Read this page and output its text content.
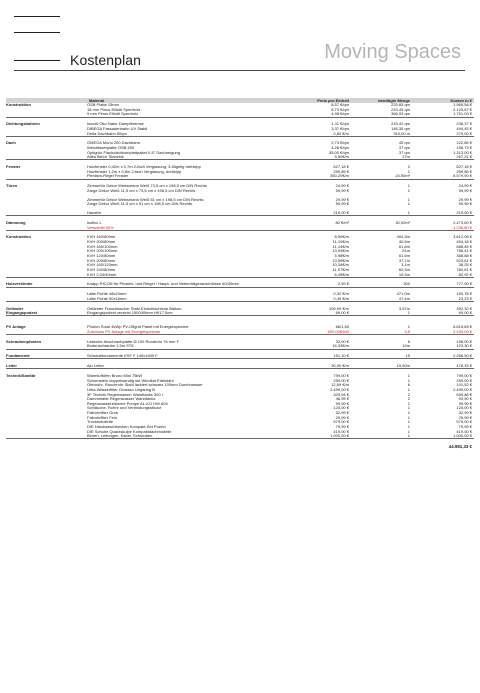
Kostenplan	Moving Spaces
Material	Preis pro Einheit	benötigte Menge	Kosten in €
Konstruktion	OSB Platte 15mm	8,57 €/qm	225,65 qm	1.969,56 €
18 mm Pinus Elliotti Sperrholz	8,73 €/qm	243,45 qm	2.125,67 €
9 mm Pinus Elliotti Sperrholz	4,98 €/qm	366,93 qm	1.751,03 €
Dichtungsbahnen	Isocell Öko Natur Dampfbremse	1,11 €/qm	215,42 qm	238,37 €
DIBEGA Fassadenbahn UV Stabil	3,37 €/qm	146,35 qm	494,45 €
Delta Dachbahn 50qm	0,80 €/m	310,00 m	279,00 €
Dach	OMEGA Mono 200 Dachbahn	2,73 €/qm	45 qm	122,85 €
Weichfaserplatte OSB 450	4,28 €/qm	37 qm	158,73 €
Optigrün Flachdachkomplettpaket 0-5° Dachneigung	35,00 €/qm	37 qm	1.313,00 €
Atika Blech Titanzink	9,50€/m	27m	267,21 €
Fenster	Holzfenster 0,42m x 0,7m 2-fach Verglasung, 3-flügelig drehkipp	627,18 €	2	627,18 €
Holzfenster 1,2m x 0,8m 2-fach Verglasung, drehkipp	259,85 €	1	259,85 €
Plexiism-Regel Fenster	350,20€/m	24,50m²	8.579,90 €
Türen	Zimmertür Dekor Weissmann Weiß 73,5 cm x 198,5 cm DIN Rechts	24,99 €	1	24,99 €
Zarge Dekor Weiß 11,5 cm x 73,5 cm x 198,5 cm DIN Rechts	59,99 €	1	59,99 €
Zimmertür Dekor Weissmann Weiß 51 cm x 198,5 cm DIN Rechts	29,99 €	1	29,99 €
Zarge Dekor Weiß 11,5 cm x 51 cm x 198,5 cm DIN Rechts	59,99 €	1	59,99 €
Haustür	219,00 €	1	219,00 €
Dämmung	isofloc L	80 €/m³	30,92m³	2.473,60 €
Verschnitt 50%	-1.236,80 €
Konstruktion	KVH 160/80mm	8,90€/m	404,5m	3.612,06 €
KVH 200/80mm	11,10€/m	40,5m	454,18 €
KVH 160/100mm	11,14€/m	61,8m	688,45 €
KVH 200/100mm	13,94€/m	51m	786,41 €
KVH 120/80mm	5,98€/m	61,6m	368,68 €
KVH 200/80mm	13,59€/m	37,7m	523,61 €
KVH 160/120mm	10,34€/m	3,1m	38,25 €
KVH 240/80mm	11,07€/m	60,3m	780,61 €
KVH 2,04/40mm	6,45€/m	15,3m	82,92 €
Holzverbinder	Knapp RICON für Pfosten- und Riegel / Haupt- und Nebenträgeranschlüsse 60/40mm	2,59 €	300	777,00 €
Latte Fichte 48x24mm	0,32 €/m	471,0m	150,78 €
Latte Fichte 50x18mm	0,49 €/m	47,4m	23,23 €
Geländer	Geländer Französischer Stahl Einrichtschiene Balkon	109,90 €/m	3,57m	392,32 €
Eingangspodest	Eingangspodest verzinkt 1500/60mm HK17,5cm	69,00 €	1	69,00 €
PV Anlage	Photon Solar 4kWp PV-Offgrid Paket mit Energiespeicher	66/1,65	1	6.615,65 €
Zuschuss PV Anlage mit Energiespeicher	600,00€/kW	3,5	2.100,00 €
Schraubenpfosten	Lastruhe Anschraubplatte Ø 100 Rundrohr 76 mm F	32,00 €	6	196,00 €
Bodenschraube 1,5m ST8	16,33€/m	10m	123,30 €
Fundamente	Schraubfundamente KSF F 140x1600 F	151,10 €	15	2.266,50 €
Leiter	Alu Leiter	30,00 €/m	15,50m	478,33 €
Technik/Sanitär	Warmluftöfen Bruno Mini 75kW	799,00 €	1	799,00 €
Schornstein doppelwandig mit Windkat Edelstahl	259,00 €	1	259,00 €
Ofenrohr, Rauchrohr Stahl lackiert schwarz 100mm Durchmesser	12,69 €/m	8	101,52 €
Ultra-Wasserfilter Grossso Ungaring B	2.499,00 €	1	2.499,00 €
3F Technik Regenwasser Wandtanks 300 l	329,94 €	2	659,88 €
Dammmatte Regenwasser Wandtanks	46,95 €	2	93,90 €
Regenwasserzisterne Pumpe AL-KO HW 604	99,99 €	1	99,99 €
Schläuche, Rohre und Verbindungsstücke	125,00 €	1	125,00 €
Fallrohrfilter Grob	32,99 €	1	32,99 €
Fallrohrfilter Fein	25,99 €	1	25,99 €
Trockentoilette	579,00 €	1	579,00 €
DIE Handwaschbecken Kompakt-Set Puerto	79,99 €	1	79,99 €
DIE Schuhe Quarzskulpe Kompaktdachmodelle	419,00 €	1	419,00 €
Birnen, Leitungen, Kabel, Schrauben	1.000,00 €	1	1.000,00 €
44.981,33 €
